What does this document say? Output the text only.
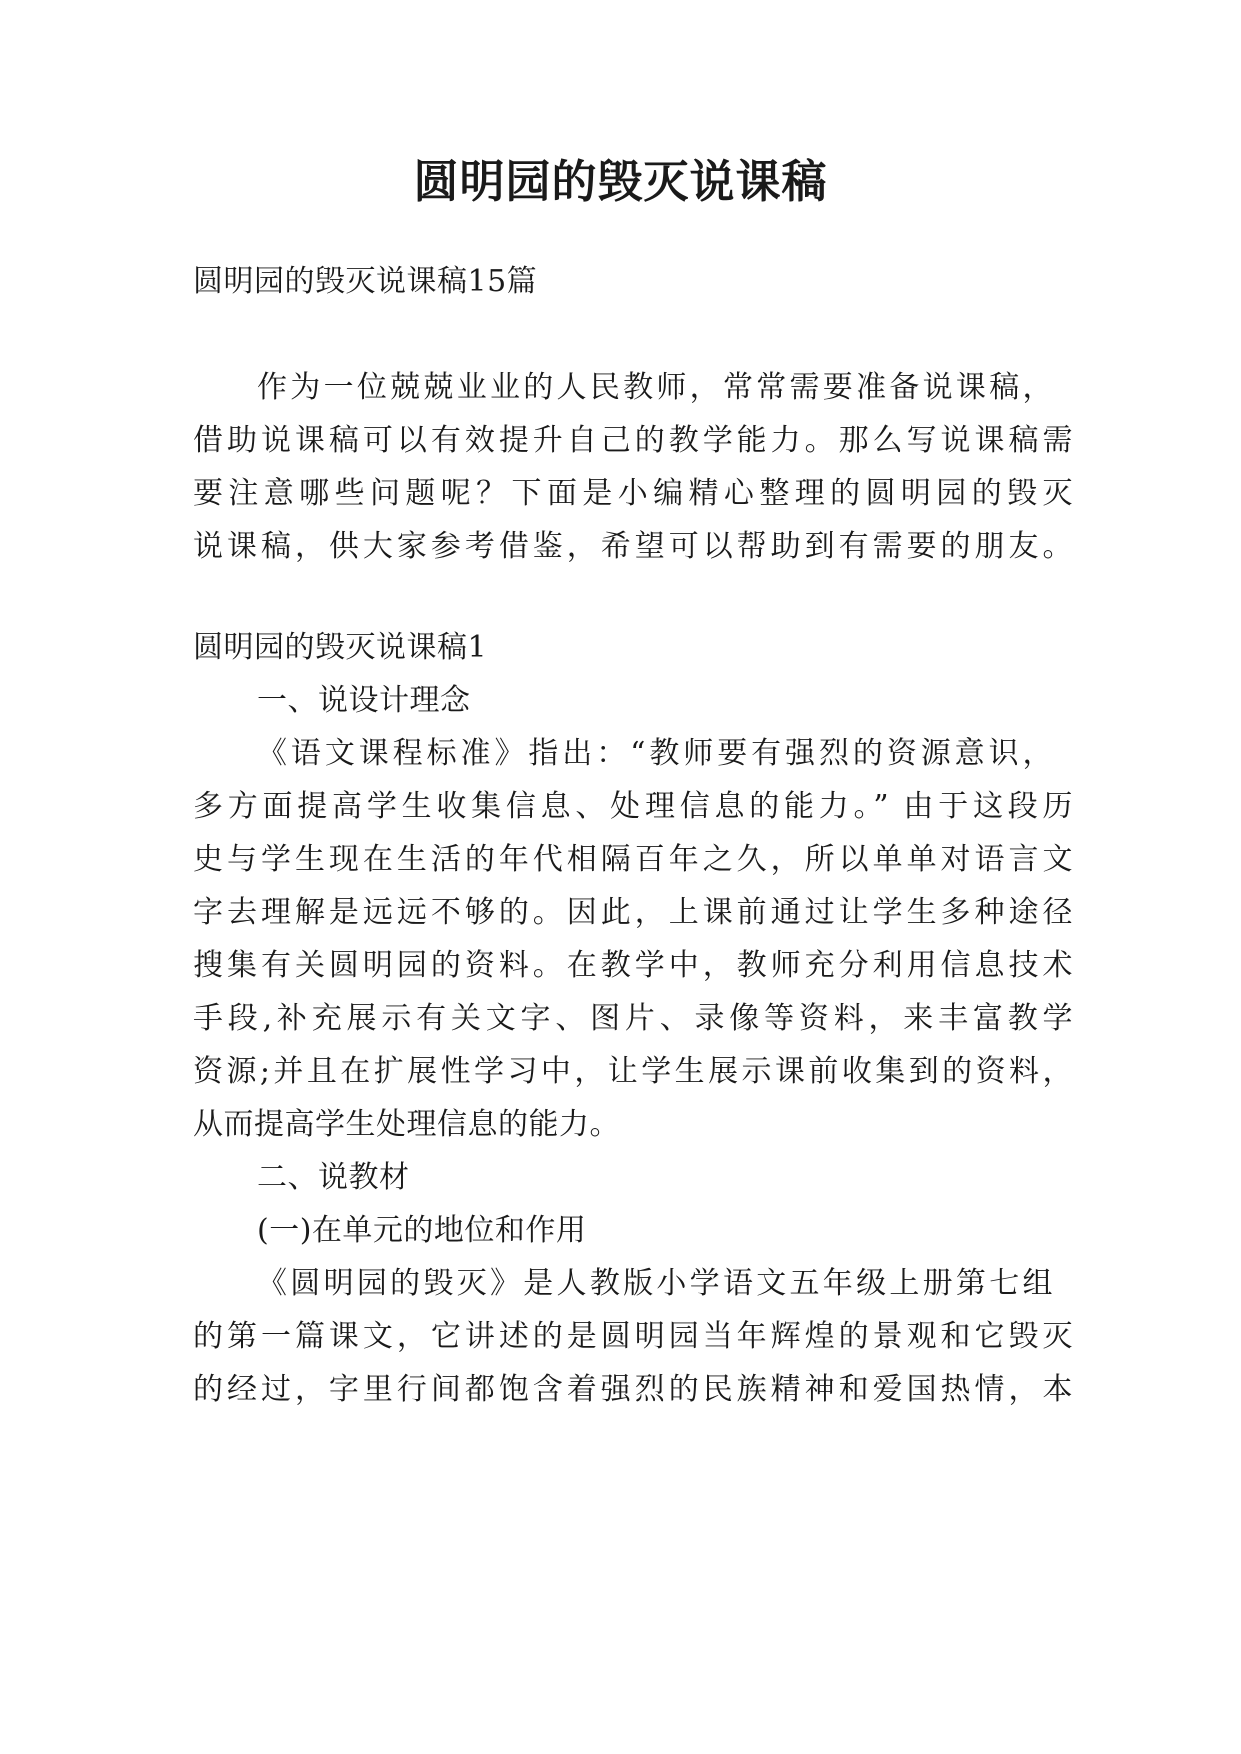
圆明园的毁灭说课稿

圆明园的毁灭说课稿15篇

作为一位兢兢业业的人民教师，常常需要准备说课稿，

借助说课稿可以有效提升自己的教学能力。那么写说课稿需

要注意哪些问题呢？下面是小编精心整理的圆明园的毁灭

说课稿，供大家参考借鉴，希望可以帮助到有需要的朋友。

圆明园的毁灭说课稿1

一、说设计理念

《语文课程标准》指出：“教师要有强烈的资源意识，

多方面提高学生收集信息、处理信息的能力。” 由于这段历

史与学生现在生活的年代相隔百年之久，所以单单对语言文

字去理解是远远不够的。因此，上课前通过让学生多种途径

搜集有关圆明园的资料。在教学中，教师充分利用信息技术

手段,补充展示有关文字、图片、录像等资料，来丰富教学

资源;并且在扩展性学习中，让学生展示课前收集到的资料，

从而提高学生处理信息的能力。

二、说教材

(一)在单元的地位和作用

《圆明园的毁灭》是人教版小学语文五年级上册第七组

的第一篇课文，它讲述的是圆明园当年辉煌的景观和它毁灭

的经过，字里行间都饱含着强烈的民族精神和爱国热情，本
